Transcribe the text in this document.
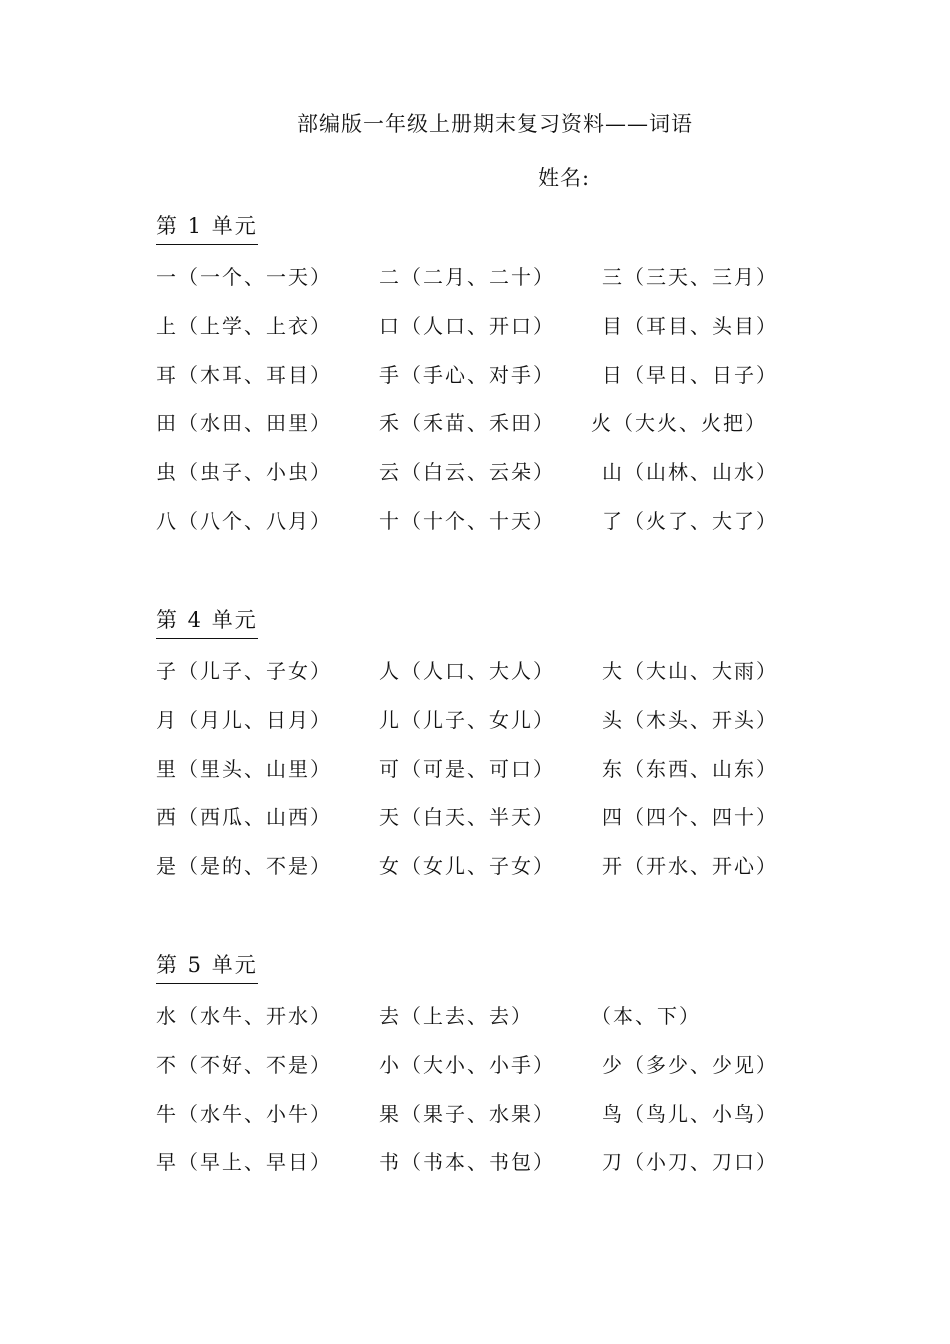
部编版一年级上册期末复习资料——词语
姓名:
第 1 单元
一（一个、一天） 二（二月、二十） 三（三天、三月）
上（上学、上衣） 口（人口、开口） 目（耳目、头目）
耳（木耳、耳目） 手（手心、对手） 日（早日、日子）
田（水田、田里） 禾（禾苗、禾田） 火（大火、火把）
虫（虫子、小虫） 云（白云、云朵） 山（山林、山水）
八（八个、八月） 十（十个、十天） 了（火了、大了）
第 4 单元
子（儿子、子女） 人（人口、大人） 大（大山、大雨）
月（月儿、日月） 儿（儿子、女儿） 头（木头、开头）
里（里头、山里） 可（可是、可口） 东（东西、山东）
西（西瓜、山西） 天（白天、半天） 四（四个、四十）
是（是的、不是） 女（女儿、子女） 开（开水、开心）
第 5 单元
水（水牛、开水） 去（上去、去）	（本、下）
不（不好、不是） 小（大小、小手） 少（多少、少见）
牛（水牛、小牛） 果（果子、水果） 鸟（鸟儿、小鸟）
早（早上、早日） 书（书本、书包） 刀（小刀、刀口）
